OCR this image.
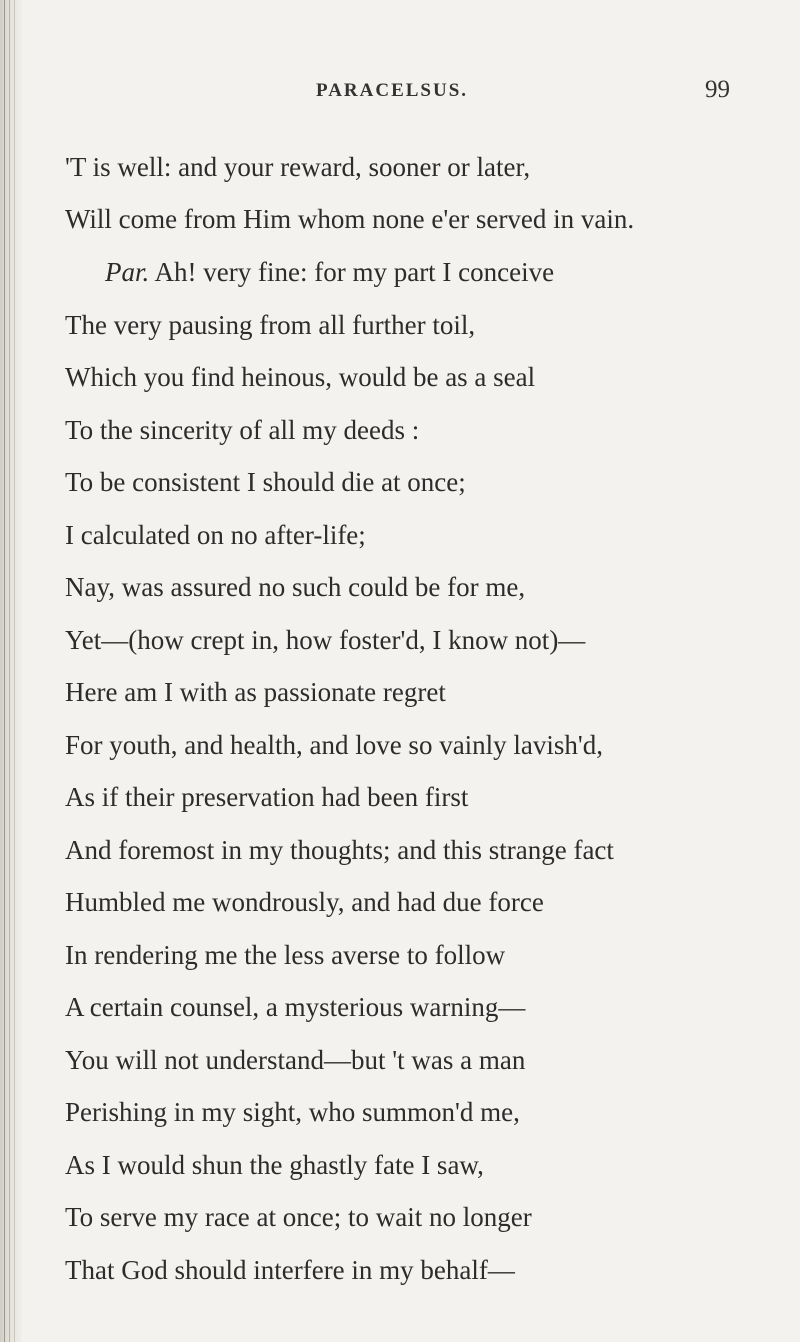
PARACELSUS.	99
'T is well: and your reward, sooner or later,
Will come from Him whom none e'er served in vain.
Par. Ah! very fine: for my part I conceive
The very pausing from all further toil,
Which you find heinous, would be as a seal
To the sincerity of all my deeds :
To be consistent I should die at once;
I calculated on no after-life;
Nay, was assured no such could be for me,
Yet—(how crept in, how foster'd, I know not)—
Here am I with as passionate regret
For youth, and health, and love so vainly lavish'd,
As if their preservation had been first
And foremost in my thoughts; and this strange fact
Humbled me wondrously, and had due force
In rendering me the less averse to follow
A certain counsel, a mysterious warning—
You will not understand—but 't was a man
Perishing in my sight, who summon'd me,
As I would shun the ghastly fate I saw,
To serve my race at once; to wait no longer
That God should interfere in my behalf—
